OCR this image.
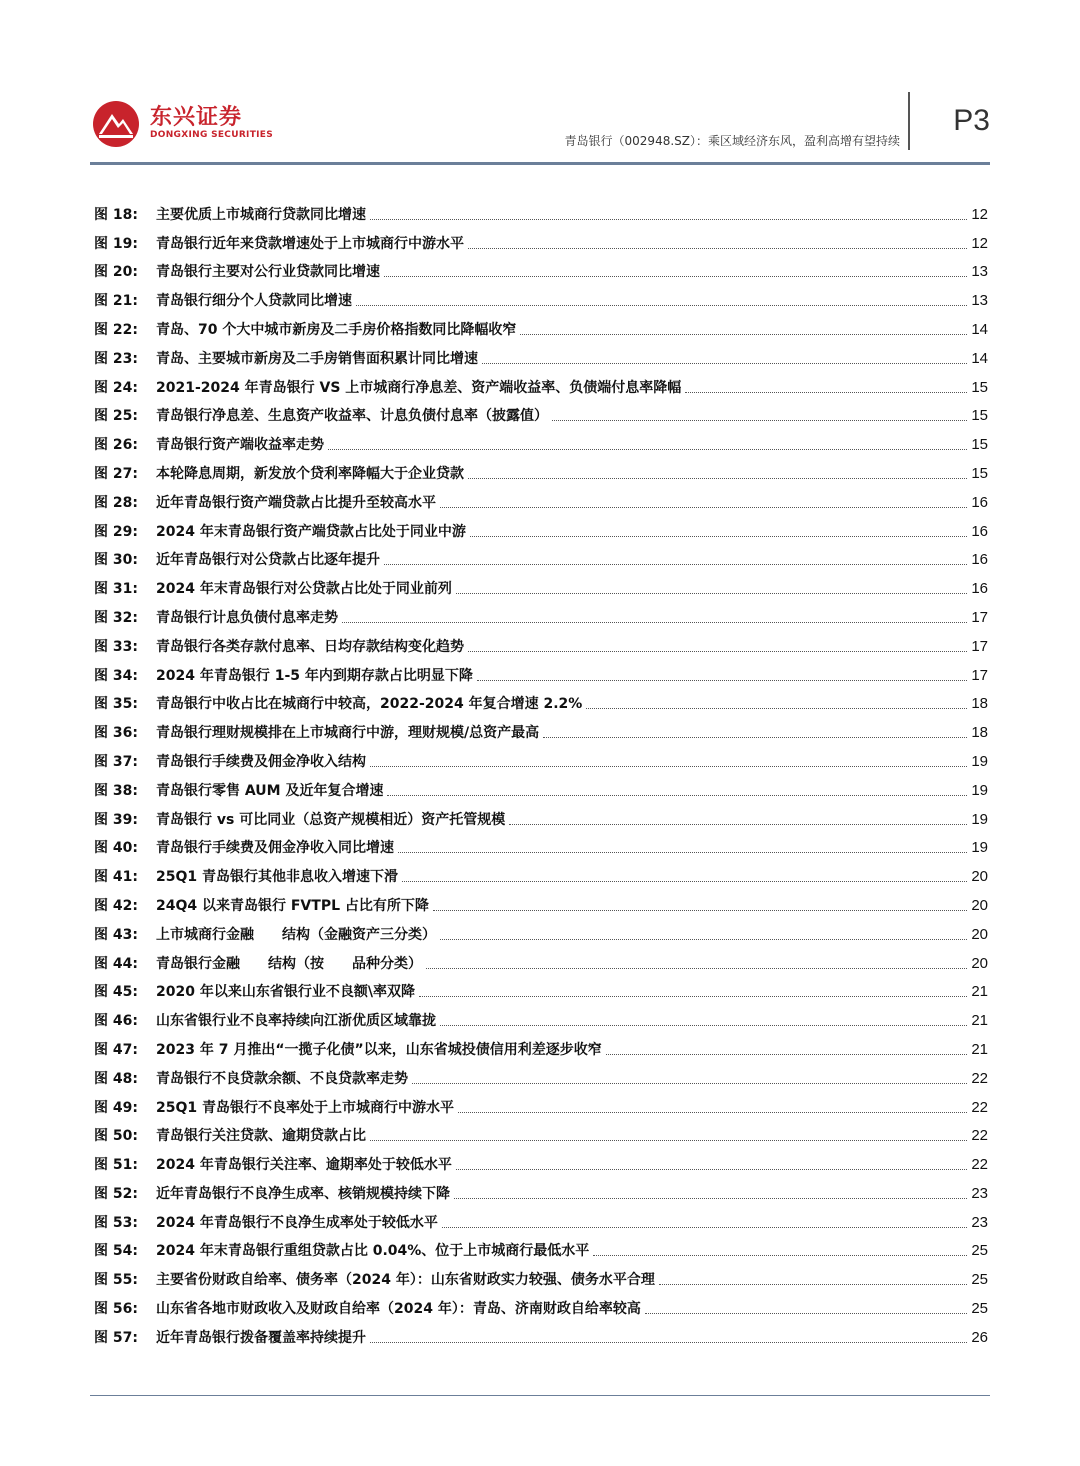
东兴证券
DONGXING SECURITIES	青岛银行（002948.SZ）：乘区域经济东风，盈利高增有望持续
P3
图 18:	主要优质上市城商行贷款同比增速	12
图 19:	青岛银行近年来贷款增速处于上市城商行中游水平	12
图 20:	青岛银行主要对公行业贷款同比增速	13
图 21:	青岛银行细分个人贷款同比增速	13
图 22:	青岛、70 个大中城市新房及二手房价格指数同比降幅收窄	14
图 23:	青岛、主要城市新房及二手房销售面积累计同比增速	14
图 24:	2021-2024 年青岛银行 VS 上市城商行净息差、资产端收益率、负债端付息率降幅	15
图 25:	青岛银行净息差、生息资产收益率、计息负债付息率（披露值）	15
图 26:	青岛银行资产端收益率走势	15
图 27:	本轮降息周期，新发放个贷利率降幅大于企业贷款	15
图 28:	近年青岛银行资产端贷款占比提升至较高水平	16
图 29:	2024 年末青岛银行资产端贷款占比处于同业中游	16
图 30:	近年青岛银行对公贷款占比逐年提升	16
图 31:	2024 年末青岛银行对公贷款占比处于同业前列	16
图 32:	青岛银行计息负债付息率走势	17
图 33:	青岛银行各类存款付息率、日均存款结构变化趋势	17
图 34:	2024 年青岛银行 1-5 年内到期存款占比明显下降	17
图 35:	青岛银行中收占比在城商行中较高，2022-2024 年复合增速 2.2%	18
图 36:	青岛银行理财规模排在上市城商行中游，理财规模/总资产最高	18
图 37:	青岛银行手续费及佣金净收入结构	19
图 38:	青岛银行零售 AUM 及近年复合增速	19
图 39:	青岛银行 vs 可比同业（总资产规模相近）资产托管规模	19
图 40:	青岛银行手续费及佣金净收入同比增速	19
图 41:	25Q1 青岛银行其他非息收入增速下滑	20
图 42:	24Q4 以来青岛银行 FVTPL 占比有所下降	20
图 43:	上市城商行金融　　结构（金融资产三分类）	20
图 44:	青岛银行金融　　结构（按　　品种分类）	20
图 45:	2020 年以来山东省银行业不良额\率双降	21
图 46:	山东省银行业不良率持续向江浙优质区域靠拢	21
图 47:	2023 年 7 月推出“一揽子化债”以来，山东省城投债信用利差逐步收窄	21
图 48:	青岛银行不良贷款余额、不良贷款率走势	22
图 49:	25Q1 青岛银行不良率处于上市城商行中游水平	22
图 50:	青岛银行关注贷款、逾期贷款占比	22
图 51:	2024 年青岛银行关注率、逾期率处于较低水平	22
图 52:	近年青岛银行不良净生成率、核销规模持续下降	23
图 53:	2024 年青岛银行不良净生成率处于较低水平	23
图 54:	2024 年末青岛银行重组贷款占比 0.04%、位于上市城商行最低水平	25
图 55:	主要省份财政自给率、债务率（2024 年）：山东省财政实力较强、债务水平合理	25
图 56:	山东省各地市财政收入及财政自给率（2024 年）：青岛、济南财政自给率较高	25
图 57:	近年青岛银行拨备覆盖率持续提升	26
